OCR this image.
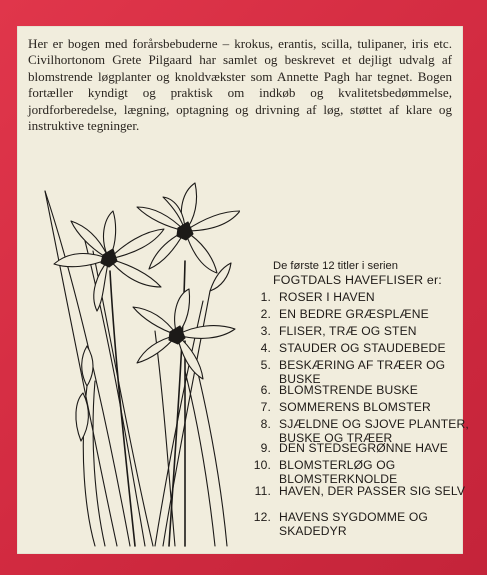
Her er bogen med forårsbebuderne – krokus, erantis, scilla, tulipaner, iris etc. Civilhortonom Grete Pilgaard har samlet og beskrevet et dejligt udvalg af blomstrende løgplanter og knoldvækster som Annette Pagh har tegnet. Bogen fortæller kyndigt og praktisk om indkøb og kvalitetsbedømmelse, jordforberedelse, lægning, optagning og drivning af løg, støttet af klare og instruktive tegninger.

De første 12 titler i serien

FOGTDALS HAVEFLISER er:

1. ROSER I HAVEN
2. EN BEDRE GRÆSPLÆNE
3. FLISER, TRÆ OG STEN
4. STAUDER OG STAUDEBEDE
5. BESKÆRING AF TRÆER OG BUSKE
6. BLOMSTRENDE BUSKE
7. SOMMERENS BLOMSTER
8. SJÆLDNE OG SJOVE PLANTER, BUSKE OG TRÆER
9. DEN STEDSEGRØNNE HAVE
10. BLOMSTERLØG OG BLOMSTERKNOLDE
11. HAVEN, DER PASSER SIG SELV
12. HAVENS SYGDOMME OG SKADEDYR
